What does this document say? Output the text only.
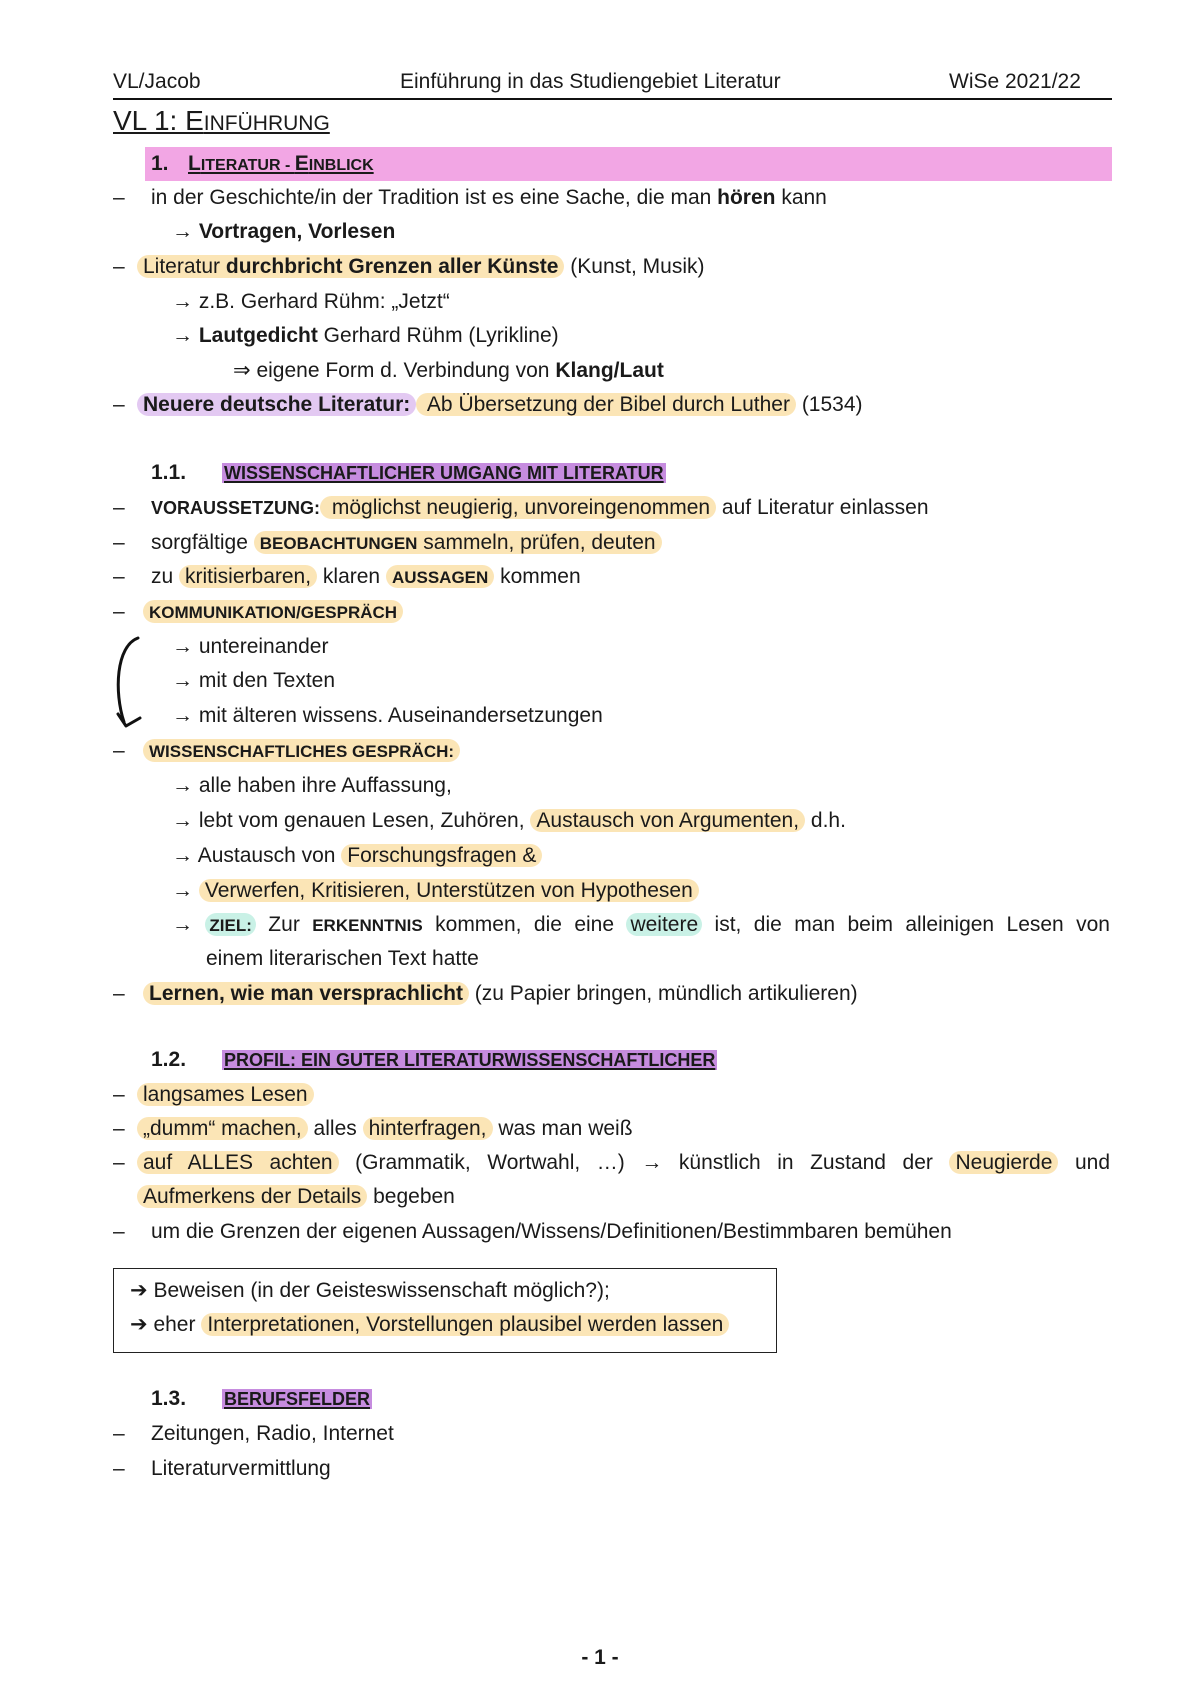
VL/Jacob	Einführung in das Studiengebiet Literatur	WiSe 2021/22
VL 1: EINFÜHRUNG
1. LITERATUR - EINBLICK
– in der Geschichte/in der Tradition ist es eine Sache, die man hören kann
→ Vortragen, Vorlesen
– Literatur durchbricht Grenzen aller Künste (Kunst, Musik)
→ z.B. Gerhard Rühm: „Jetzt“
→ Lautgedicht Gerhard Rühm (Lyrikline)
⇒ eigene Form d. Verbindung von Klang/Laut
– Neuere deutsche Literatur: Ab Übersetzung der Bibel durch Luther (1534)
1.1. WISSENSCHAFTLICHER UMGANG MIT LITERATUR
– VORAUSSETZUNG: möglichst neugierig, unvoreingenommen auf Literatur einlassen
– sorgfältige BEOBACHTUNGEN sammeln, prüfen, deuten
– zu kritisierbaren, klaren AUSSAGEN kommen
–	KOMMUNIKATION/GESPRÄCH
→ untereinander
→ mit den Texten
→ mit älteren wissens. Auseinandersetzungen
–	WISSENSCHAFTLICHES GESPRÄCH:
→ alle haben ihre Auffassung,
→ lebt vom genauen Lesen, Zuhören, Austausch von Argumenten, d.h.
→ Austausch von Forschungsfragen &
→ Verwerfen, Kritisieren, Unterstützen von Hypothesen
→ ZIEL: Zur ERKENNTNIS kommen, die eine weitere ist, die man beim alleinigen Lesen von
einem literarischen Text hatte
– Lernen, wie man versprachlicht (zu Papier bringen, mündlich artikulieren)
1.2. PROFIL: EIN GUTER LITERATURWISSENSCHAFTLICHER
– langsames Lesen
– „dumm“ machen, alles hinterfragen, was man weiß
– auf ALLES achten (Grammatik, Wortwahl, …) → künstlich in Zustand der Neugierde und
Aufmerkens der Details begeben
– um die Grenzen der eigenen Aussagen/Wissens/Definitionen/Bestimmbaren bemühen
➔ Beweisen (in der Geisteswissenschaft möglich?);
➔ eher Interpretationen, Vorstellungen plausibel werden lassen
1.3. BERUFSFELDER
– Zeitungen, Radio, Internet
– Literaturvermittlung
- 1 -
